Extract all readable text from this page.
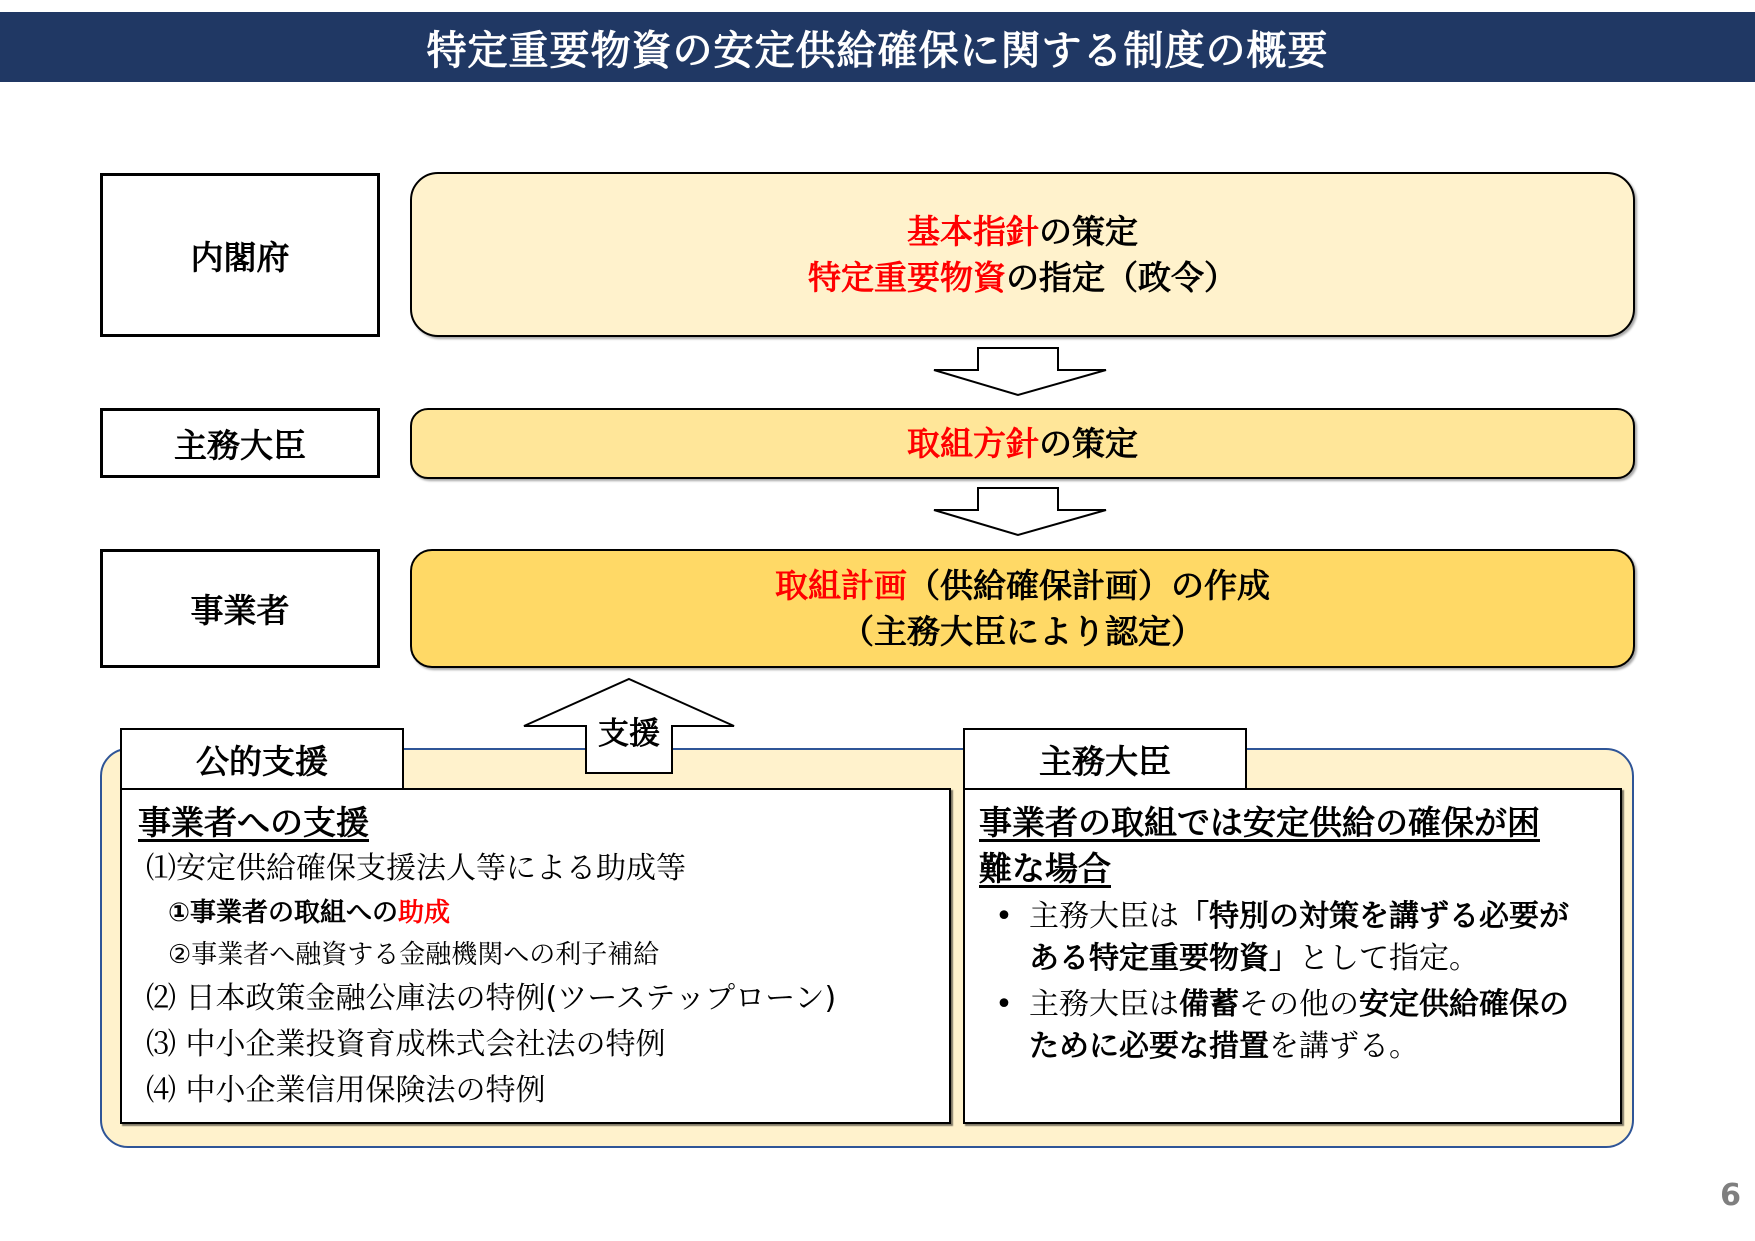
特定重要物資の安定供給確保に関する制度の概要
内閣府
基本指針の策定
特定重要物資の指定（政令）
主務大臣	取組方針の策定
事業者
取組計画（供給確保計画）の作成
（主務大臣により認定）
支援
事業者への支援
⑴安定供給確保支援法人等による助成等
①事業者の取組への助成
②事業者へ融資する金融機関への利子補給
⑵ 日本政策金融公庫法の特例(ツーステップローン)
⑶ 中小企業投資育成株式会社法の特例
⑷ 中小企業信用保険法の特例
公的支援
事業者の取組では安定供給の確保が困
難な場合
• 主務大臣は「特別の対策を講ずる必要が
ある特定重要物資」として指定。
• 主務大臣は備蓄その他の安定供給確保の
ために必要な措置を講ずる。
主務大臣
6
